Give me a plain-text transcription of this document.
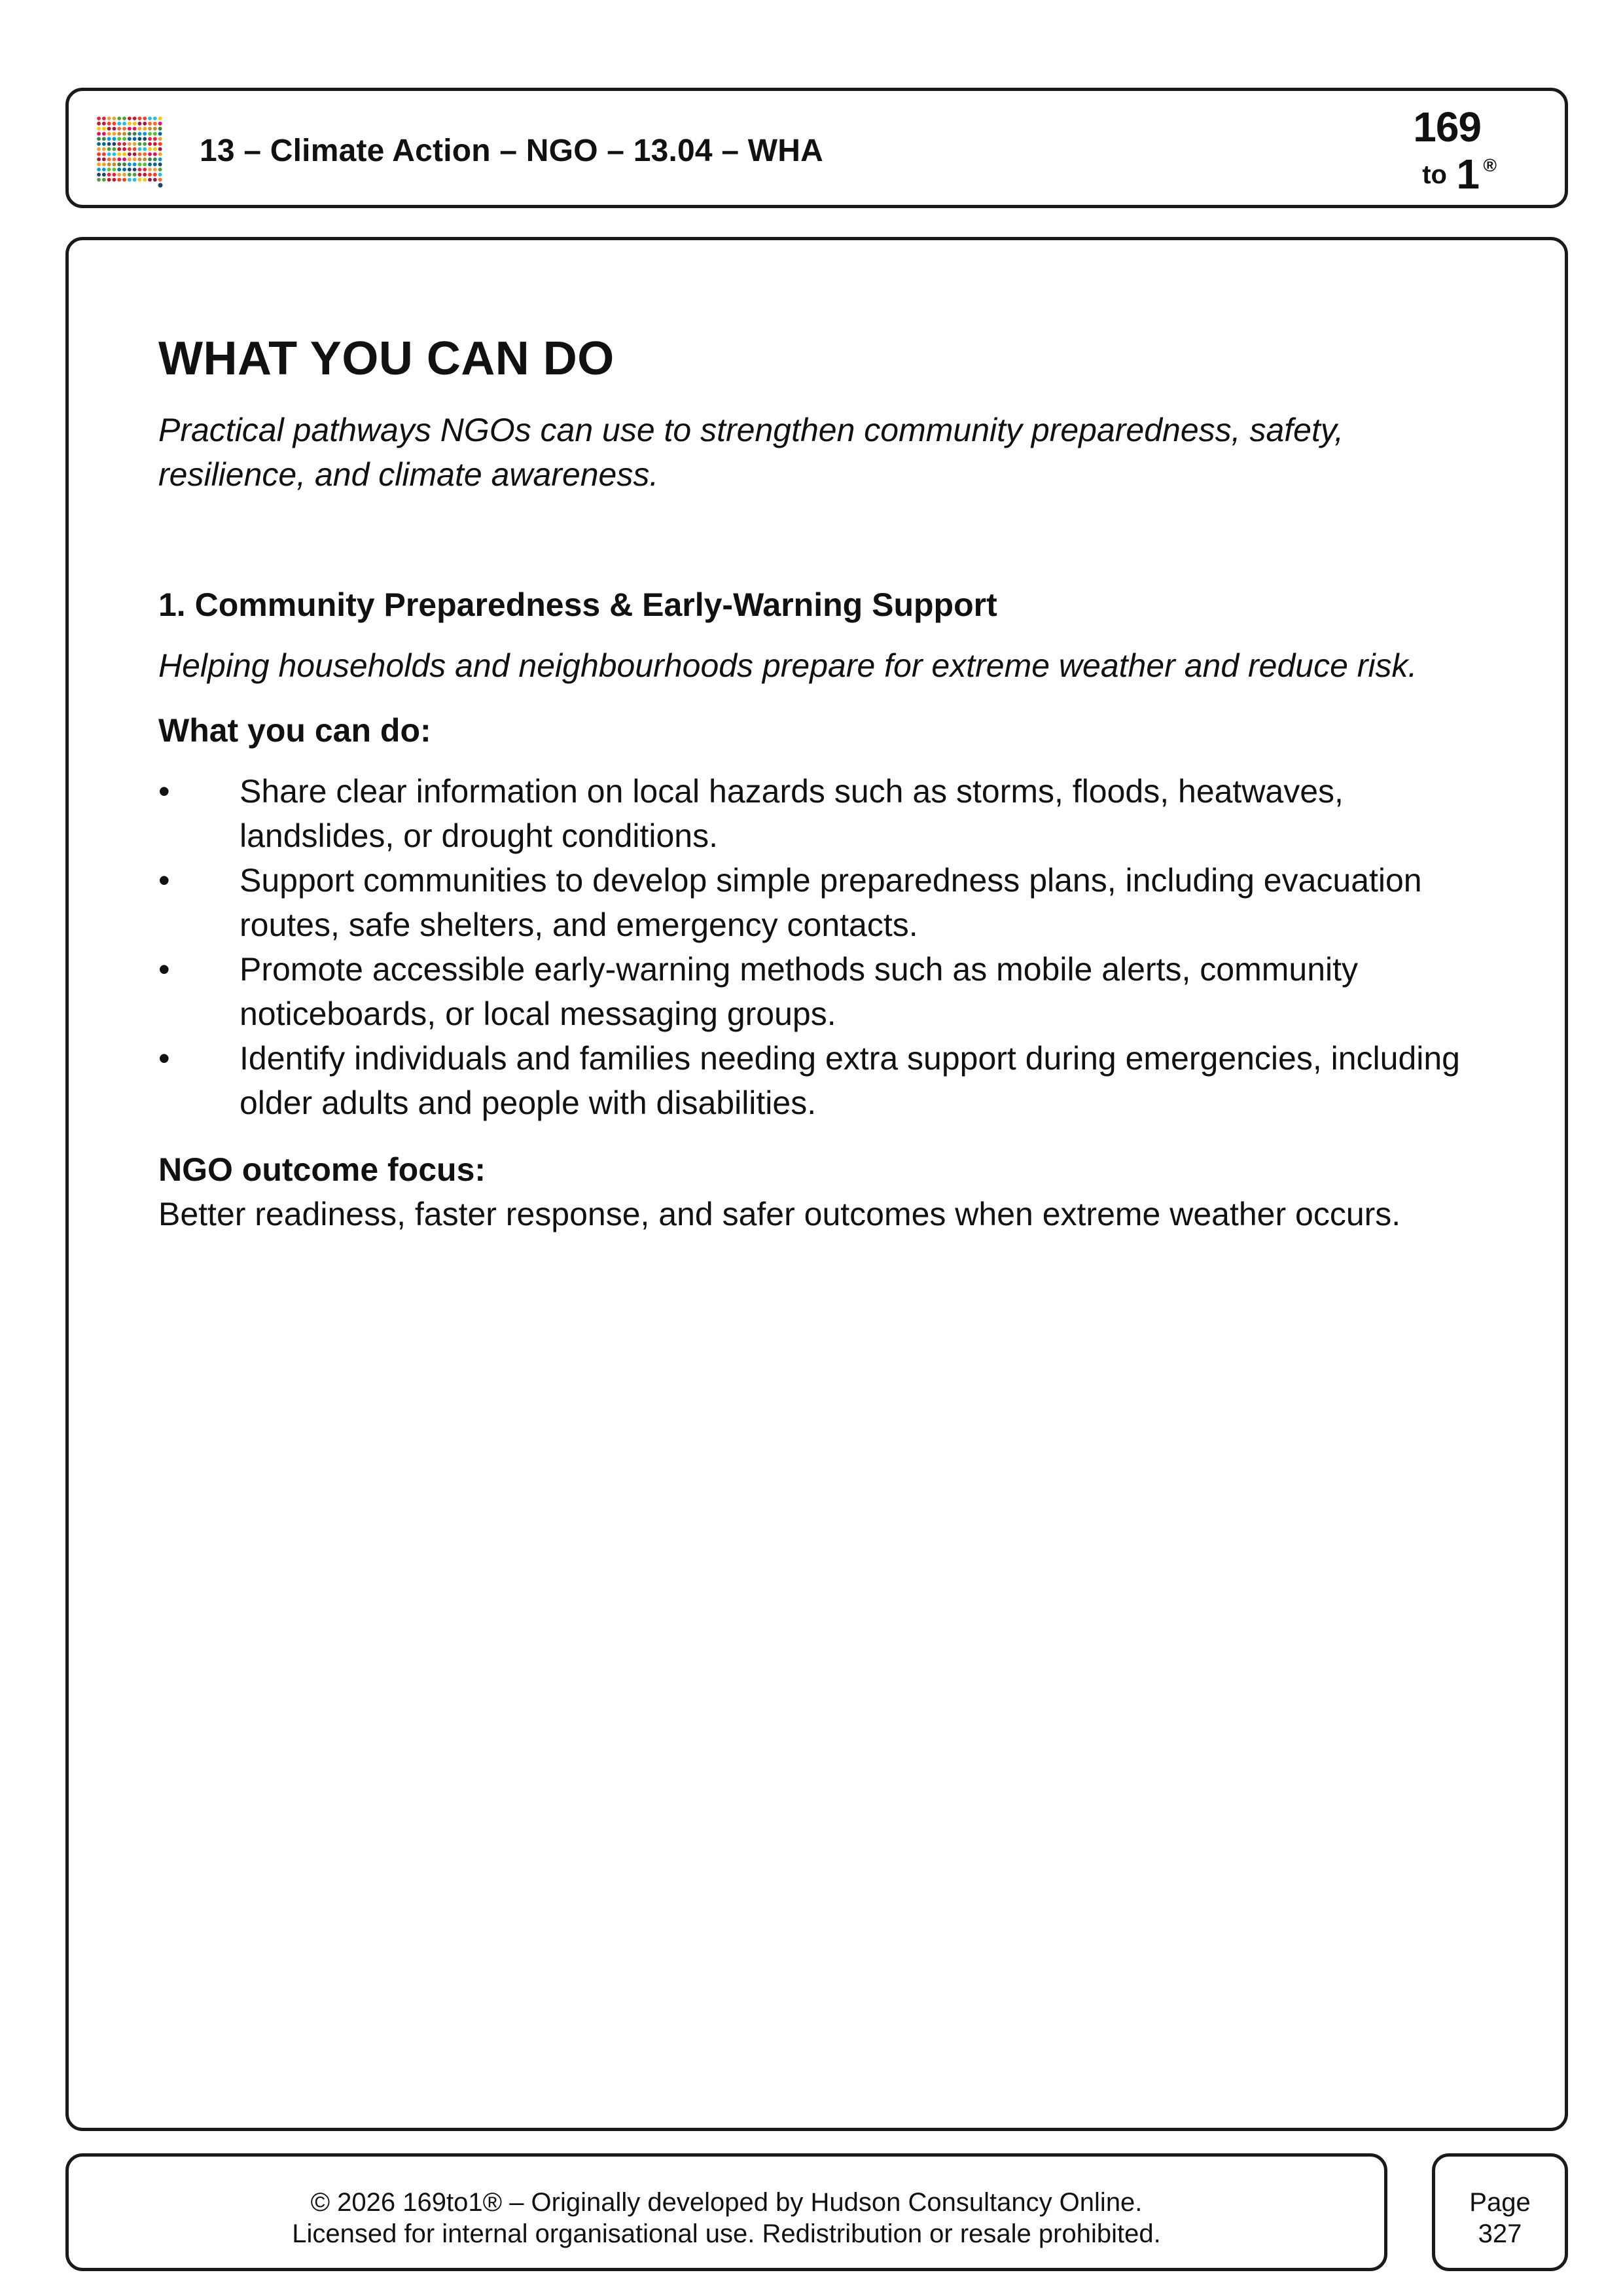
13 – Climate Action – NGO – 13.04 – WHA
169
to 1 ®
WHAT YOU CAN DO

Practical pathways NGOs can use to strengthen community preparedness, safety, resilience, and climate awareness.

1. Community Preparedness & Early-Warning Support

Helping households and neighbourhoods prepare for extreme weather and reduce risk.

What you can do:
•	Share clear information on local hazards such as storms, floods, heatwaves, landslides, or drought conditions.
•	Support communities to develop simple preparedness plans, including evacuation routes, safe shelters, and emergency contacts.
•	Promote accessible early-warning methods such as mobile alerts, community noticeboards, or local messaging groups.
•	Identify individuals and families needing extra support during emergencies, including older adults and people with disabilities.

NGO outcome focus:

Better readiness, faster response, and safer outcomes when extreme weather occurs.

© 2026 169to1® – Originally developed by Hudson Consultancy Online.
Licensed for internal organisational use. Redistribution or resale prohibited.
Page
327
